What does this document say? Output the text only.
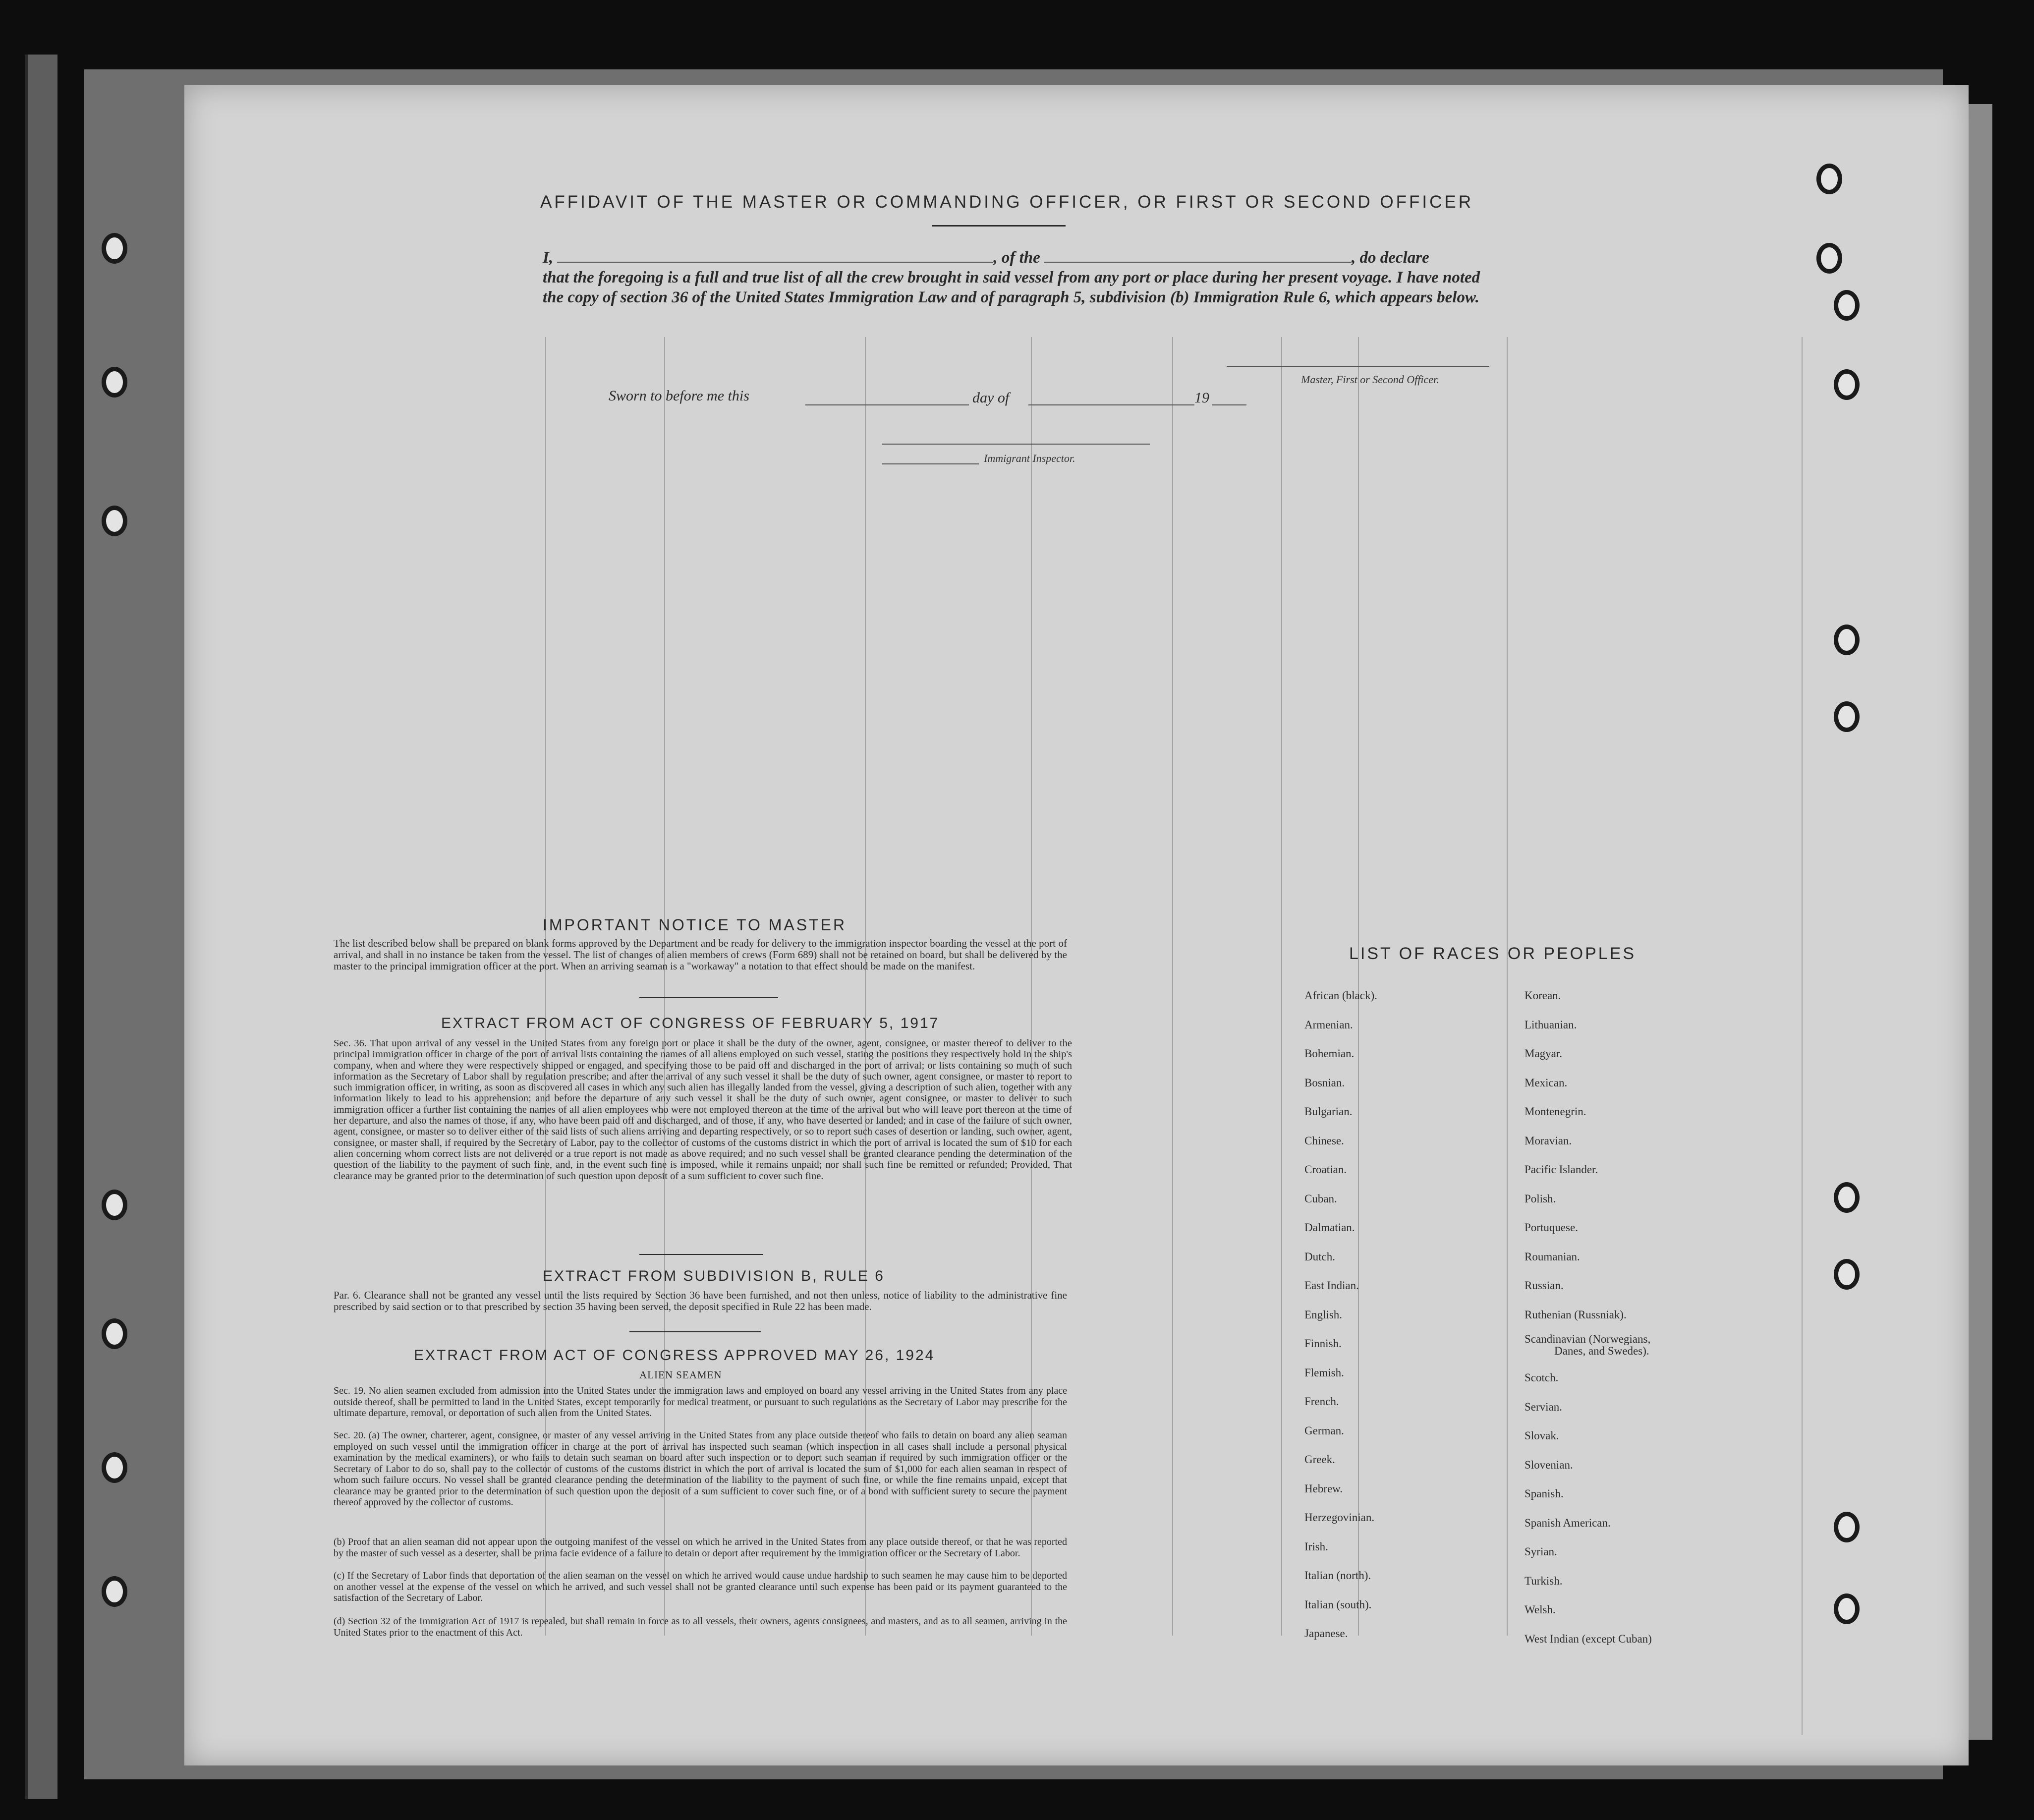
AFFIDAVIT OF THE MASTER OR COMMANDING OFFICER, OR FIRST OR SECOND OFFICER
I,	, of the	, do declare
that the foregoing is a full and true list of all the crew brought in said vessel from any port or place during her present voyage. I have noted the copy of section 36 of the United States Immigration Law and of paragraph 5, subdivision (b) Immigration Rule 6, which appears below.
Master, First or Second Officer.
Sworn to before me this	day of	19
Immigrant Inspector.
IMPORTANT NOTICE TO MASTER

The list described below shall be prepared on blank forms approved by the Department and be ready for delivery to the immigration inspector boarding the vessel at the port of arrival, and shall in no instance be taken from the vessel. The list of changes of alien members of crews (Form 689) shall not be retained on board, but shall be delivered by the master to the principal immigration officer at the port. When an arriving seaman is a "workaway" a notation to that effect should be made on the manifest.

EXTRACT FROM ACT OF CONGRESS OF FEBRUARY 5, 1917

Sec. 36. That upon arrival of any vessel in the United States from any foreign port or place it shall be the duty of the owner, agent, consignee, or master thereof to deliver to the principal immigration officer in charge of the port of arrival lists containing the names of all aliens employed on such vessel, stating the positions they respectively hold in the ship's company, when and where they were respectively shipped or engaged, and specifying those to be paid off and discharged in the port of arrival; or lists containing so much of such information as the Secretary of Labor shall by regulation prescribe; and after the arrival of any such vessel it shall be the duty of such owner, agent consignee, or master to report to such immigration officer, in writing, as soon as discovered all cases in which any such alien has illegally landed from the vessel, giving a description of such alien, together with any information likely to lead to his apprehension; and before the departure of any such vessel it shall be the duty of such owner, agent consignee, or master to deliver to such immigration officer a further list containing the names of all alien employees who were not employed thereon at the time of the arrival but who will leave port thereon at the time of her departure, and also the names of those, if any, who have been paid off and discharged, and of those, if any, who have deserted or landed; and in case of the failure of such owner, agent, consignee, or master so to deliver either of the said lists of such aliens arriving and departing respectively, or so to report such cases of desertion or landing, such owner, agent, consignee, or master shall, if required by the Secretary of Labor, pay to the collector of customs of the customs district in which the port of arrival is located the sum of $10 for each alien concerning whom correct lists are not delivered or a true report is not made as above required; and no such vessel shall be granted clearance pending the determination of the question of the liability to the payment of such fine, and, in the event such fine is imposed, while it remains unpaid; nor shall such fine be remitted or refunded; Provided, That clearance may be granted prior to the determination of such question upon deposit of a sum sufficient to cover such fine.

EXTRACT FROM SUBDIVISION B, RULE 6

Par. 6. Clearance shall not be granted any vessel until the lists required by Section 36 have been furnished, and not then unless, notice of liability to the administrative fine prescribed by said section or to that prescribed by section 35 having been served, the deposit specified in Rule 22 has been made.

EXTRACT FROM ACT OF CONGRESS APPROVED MAY 26, 1924
ALIEN SEAMEN

Sec. 19. No alien seamen excluded from admission into the United States under the immigration laws and employed on board any vessel arriving in the United States from any place outside thereof, shall be permitted to land in the United States, except temporarily for medical treatment, or pursuant to such regulations as the Secretary of Labor may prescribe for the ultimate departure, removal, or deportation of such alien from the United States.

Sec. 20. (a) The owner, charterer, agent, consignee, or master of any vessel arriving in the United States from any place outside thereof who fails to detain on board any alien seaman employed on such vessel until the immigration officer in charge at the port of arrival has inspected such seaman (which inspection in all cases shall include a personal physical examination by the medical examiners), or who fails to detain such seaman on board after such inspection or to deport such seaman if required by such immigration officer or the Secretary of Labor to do so, shall pay to the collector of customs of the customs district in which the port of arrival is located the sum of $1,000 for each alien seaman in respect of whom such failure occurs. No vessel shall be granted clearance pending the determination of the liability to the payment of such fine, or while the fine remains unpaid, except that clearance may be granted prior to the determination of such question upon the deposit of a sum sufficient to cover such fine, or of a bond with sufficient surety to secure the payment thereof approved by the collector of customs.

(b) Proof that an alien seaman did not appear upon the outgoing manifest of the vessel on which he arrived in the United States from any place outside thereof, or that he was reported by the master of such vessel as a deserter, shall be prima facie evidence of a failure to detain or deport after requirement by the immigration officer or the Secretary of Labor.

(c) If the Secretary of Labor finds that deportation of the alien seaman on the vessel on which he arrived would cause undue hardship to such seamen he may cause him to be deported on another vessel at the expense of the vessel on which he arrived, and such vessel shall not be granted clearance until such expense has been paid or its payment guaranteed to the satisfaction of the Secretary of Labor.

(d) Section 32 of the Immigration Act of 1917 is repealed, but shall remain in force as to all vessels, their owners, agents consignees, and masters, and as to all seamen, arriving in the United States prior to the enactment of this Act.

LIST OF RACES OR PEOPLES
African (black).
Armenian.
Bohemian.
Bosnian.
Bulgarian.
Chinese.
Croatian.
Cuban.
Dalmatian.
Dutch.
East Indian.
English.
Finnish.
Flemish.
French.
German.
Greek.
Hebrew.
Herzegovinian.
Irish.
Italian (north).
Italian (south).
Japanese.
Korean.
Lithuanian.
Magyar.
Mexican.
Montenegrin.
Moravian.
Pacific Islander.
Polish.
Portuquese.
Roumanian.
Russian.
Ruthenian (Russniak).
Scandinavian (Norwegians,
Danes, and Swedes).
Scotch.
Servian.
Slovak.
Slovenian.
Spanish.
Spanish American.
Syrian.
Turkish.
Welsh.
West Indian (except Cuban)
